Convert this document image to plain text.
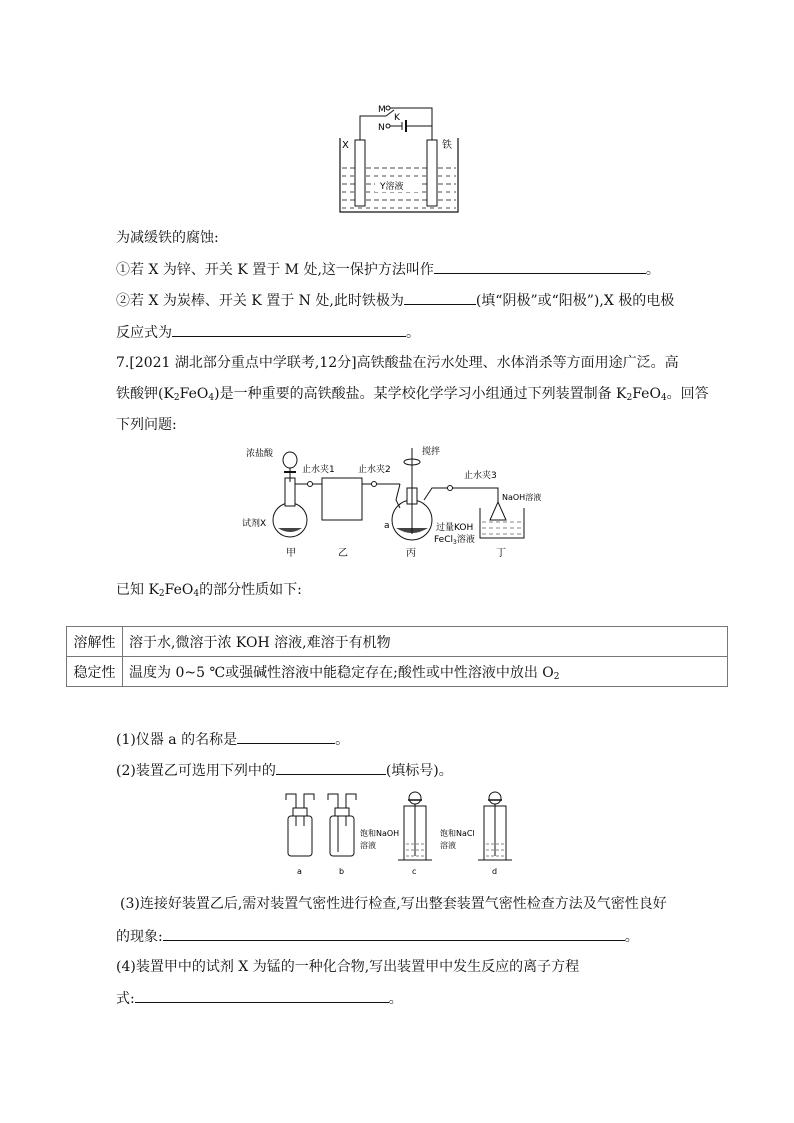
M
K
N
X	铁
Y溶液
为减缓铁的腐蚀:
①若 X 为锌、开关 K 置于 M 处,这一保护方法叫作	。
②若 X 为炭棒、开关 K 置于 N 处,此时铁极为	(填“阴极”或“阳极”),X 极的电极
反应式为	。
7.[2021 湖北部分重点中学联考,12分]高铁酸盐在污水处理、水体消杀等方面用途广泛。高
铁酸钾$(K_2FeO_4)$是一种重要的高铁酸盐。某学校化学学习小组通过下列装置制备 $K_2FeO_4$。回答
下列问题:
浓盐酸
止水夹1	止水夹2
搅拌
止水夹3
NaOH溶液
试剂X	a	过量KOH
FeCl$_3$溶液
甲	乙	丙	丁
已知 $K_2FeO_4$的部分性质如下:
溶解性	溶于水,微溶于浓 KOH 溶液,难溶于有机物
稳定性	温度为 0~5 ℃或强碱性溶液中能稳定存在;酸性或中性溶液中放出 $O_2$
(1)仪器 a 的名称是	。
(2)装置乙可选用下列中的	(填标号)。
饱和NaOH
溶液
饱和NaCl
溶液
a	b	c	d
(3)连接好装置乙后,需对装置气密性进行检查,写出整套装置气密性检查方法及气密性良好
的现象:	。
(4)装置甲中的试剂 X 为锰的一种化合物,写出装置甲中发生反应的离子方程
式:	。
